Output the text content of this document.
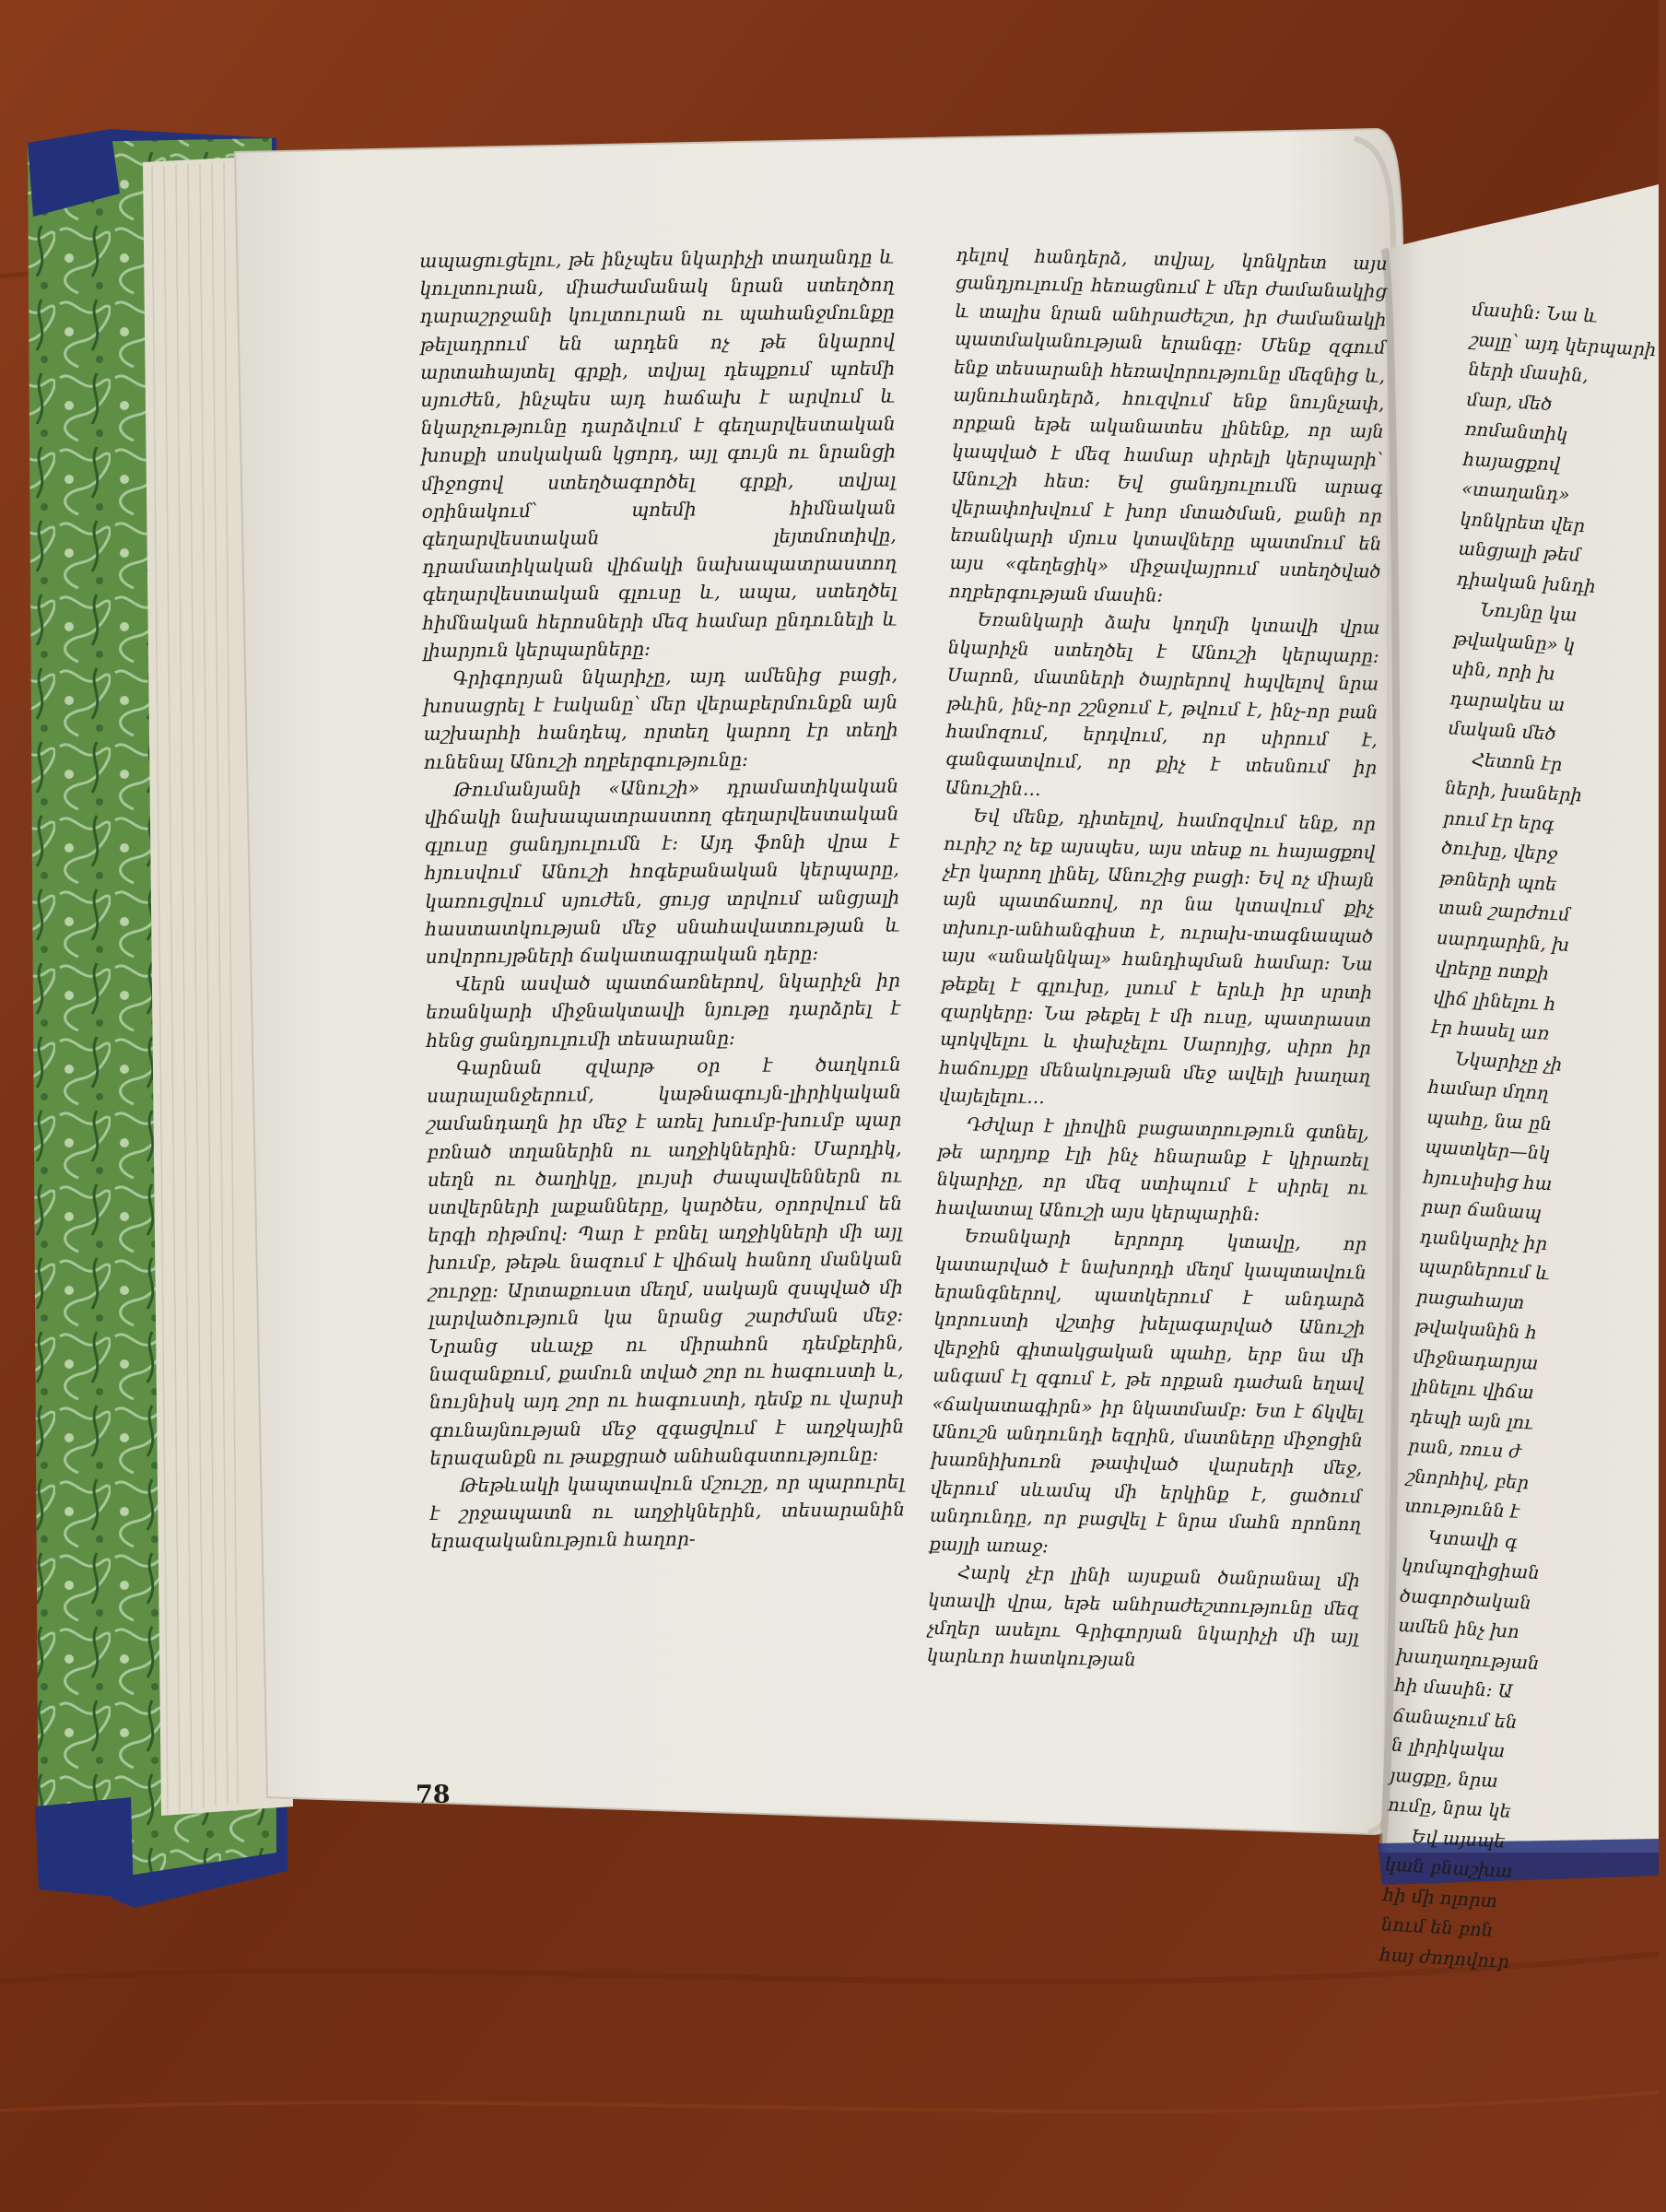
ապացուցելու, թե ինչպես նկարիչի տաղանդը և կուլտուրան, միաժամանակ նրան ստեղծող դարաշրջանի կուլտուրան ու պահանջմունքը թելադրում են արդեն ոչ թե նկարով արտահայտել գրքի, տվյալ դեպքում պոեմի սյուժեն, ինչպես այդ հաճախ է արվում և նկարչությունը դարձվում է գեղարվեստական խոսքի սոսկական կցորդ, այլ գույն ու նրանցի միջոցով ստեղծագործել գրքի, տվյալ օրինակում՝ պոեմի հիմնական գեղարվեստական լեյտմոտիվը, դրամատիկական վիճակի նախապատրաստող գեղարվեստական գլուսը և, ապա, ստեղծել հիմնական հերոսների մեզ համար ընդունելի և լիարյուն կերպարները։

Գրիգորյան նկարիչը, այդ ամենից բացի, խոսացրել է էականը՝ մեր վերաբերմունքն այն աշխարհի հանդեպ, որտեղ կարող էր տեղի ունենալ Անուշի ողբերգությունը։

Թումանյանի «Անուշի» դրամատիկական վիճակի նախապատրաստող գեղարվեստական գլուսը ցանդյուլումն է։ Այդ ֆոնի վրա է հյուսվում Անուշի հոգեբանական կերպարը, կառուցվում սյուժեն, ցույց տրվում անցյալի հաստատկության մեջ սնահավատության և սովորույթների ճակատագրական դերը։

Վերն ասված պատճառներով, նկարիչն իր եռանկարի միջնակտավի նյութը դարձրել է հենց ցանդյուլումի տեսարանը։

Գարնան զվարթ օր է ծաղկուն սարալանջերում, կաթնագույն-լիրիկական շամանդաղն իր մեջ է առել խումբ-խումբ պար բռնած տղաներին ու աղջիկներին։ Մարդիկ, սեղն ու ծաղիկը, լույսի ժապավեններն ու ստվերների լաքանները, կարծես, օրորվում են երգի ռիթմով։ Պար է բռնել աղջիկների մի այլ խումբ, թեթև նազում է վիճակ հանող մանկան շուրջը։ Արտաքուստ մեղմ, սակայն զսպված մի լարվածություն կա նրանց շարժման մեջ։ Նրանց սևաչք ու միրահոն դեմքերին, նազանքում, քամուն տված շոր ու հագուստի և, նույնիսկ այդ շոր ու հագուստի, դեմք ու վարսի գունայնության մեջ զգացվում է աղջկային երազանքն ու թաքցրած անհանգստությունը։

Թեթևակի կապտավուն մշուշը, որ պարուրել է շրջապատն ու աղջիկներին, տեսարանին երազականություն հաղոր-

դելով հանդերձ, տվյալ, կոնկրետ այս ցանդյուլումը հեռացնում է մեր ժամանակից և տալիս նրան անհրաժեշտ, իր ժամանակի պատմականության երանգը։ Մենք զգում ենք տեսարանի հեռավորությունը մեզնից և, այնուհանդերձ, հուզվում ենք նույնչափ, որքան եթե ականատես լինենք, որ այն կապված է մեզ համար սիրելի կերպարի՝ Անուշի հետ։ Եվ ցանդյուլումն արագ վերափոխվում է խոր մտածման, քանի որ եռանկարի մյուս կտավները պատմում են այս «գեղեցիկ» միջավայրում ստեղծված ողբերգության մասին։

Եռանկարի ձախ կողմի կտավի վրա նկարիչն ստեղծել է Անուշի կերպարը։ Սարոն, մատների ծայրերով հպվելով նրա թևին, ինչ-որ շշնջում է, թվում է, ինչ-որ բան համոզում, երդվում, որ սիրում է, գանգատվում, որ քիչ է տեսնում իր Անուշին…

Եվ մենք, դիտելով, համոզվում ենք, որ ուրիշ ոչ եք այսպես, այս տեսք ու հայացքով չէր կարող լինել, Անուշից բացի։ Եվ ոչ միայն այն պատճառով, որ նա կտավում քիչ տխուր-անհանգիստ է, ուրախ-տագնապած այս «անակնկալ» հանդիպման համար։ Նա թեքել է գլուխը, լսում է երևի իր սրտի զարկերը։ Նա թեքել է մի ուսը, պատրաստ պոկվելու և փախչելու Սարոյից, սիրո իր հաճույքը մենակության մեջ ավելի խաղաղ վայելելու…

Դժվար է լիովին բացատրություն գտնել, թե արդյոք էլի ինչ հնարանք է կիրառել նկարիչը, որ մեզ ստիպում է սիրել ու հավատալ Անուշի այս կերպարին։

Եռանկարի երրորդ կտավը, որ կատարված է նախորդի մեղմ կապտավուն երանգներով, պատկերում է անդարձ կորուստի վշտից խելագարված Անուշի վերջին գիտակցական պահը, երբ նա մի անգամ էլ զգում է, թե որքան դաժան եղավ «ճակատագիրն» իր նկատմամբ։ Ետ է ճկվել Անուշն անդունդի եզրին, մատները միջոցին խառնիխուռն թափված վարսերի մեջ, վերում սևամպ մի երկինք է, ցածում անդունդը, որ բացվել է նրա մահն որոնող քայլի առաջ։

Հարկ չէր լինի այսքան ծանրանալ մի կտավի վրա, եթե անհրաժեշտությունը մեզ չմղեր ասելու Գրիգորյան նկարիչի մի այլ կարևոր հատկության

մասին։ Նա և

շալը՝ այդ կերպարի

ների մասին,

մար, մեծ

ռոմանտիկ

հայացքով

«տաղանդ»

կոնկրետ վեր

անցյալի թեմ

դիական խնդի

Նույնը կա

թվականը» կ

սին, որի խ

դարակես ա

մական մեծ

Հետոն էր

ների, խաների

րում էր երգ

ծուխը, վերջ

թոների պոե

տան շարժում

սարդարին, խ

վրերը ոտքի

վիճ լինելու հ

էր հասել առ

Նկարիչը չի

համար մղող

պահը, նա ըն

պատկեր—նկ

հյուսիսից հա

րար ճանապ

դանկարիչ իր

պարներում և

րացահայտ

թվականին հ

միջնադարյա

լինելու վիճա

դեպի այն լու

րան, ռուս ժ

շնորհիվ, բեր

տությունն է

Կտավի գ

կոմպոզիցիան

ծագործական

ամեն ինչ խո

խաղաղության

հի մասին։ Ա

ճանաչում են

ն լիրիկակա

յացքը, նրա

ումը, նրա կե

Եվ այսպե

կան բնաշխա

հի մի ոլորտ

նում են բոն

հայ ժողովուր

78
